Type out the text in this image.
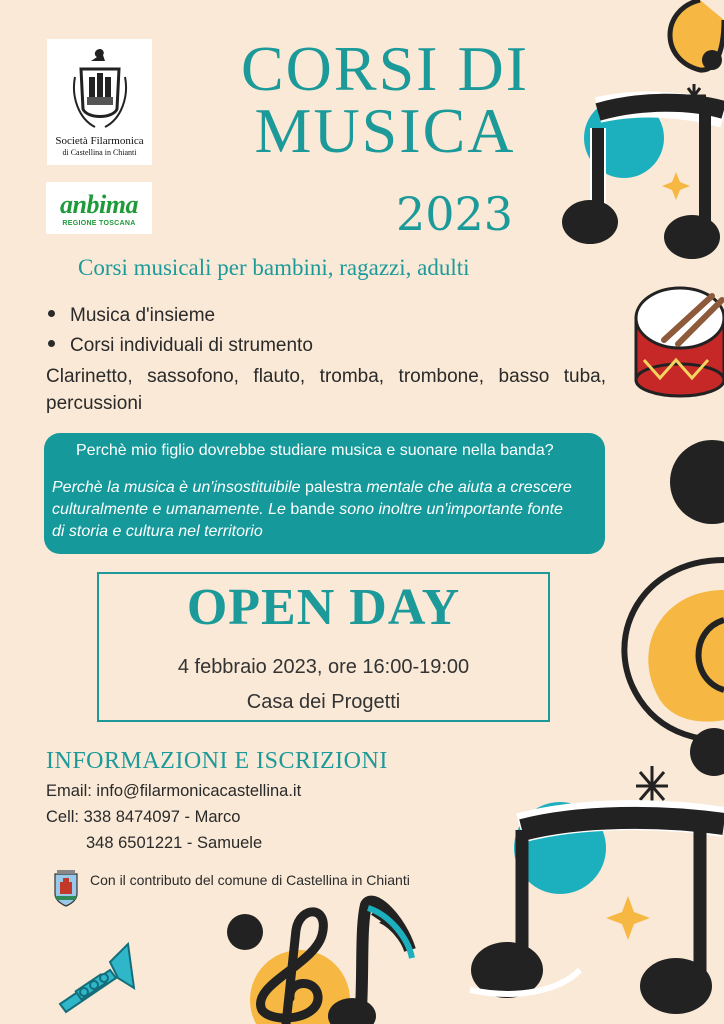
Società Filarmonica
di Castellina in Chianti
anbima
REGIONE TOSCANA
CORSI DI
MUSICA
2023
Corsi musicali per bambini, ragazzi, adulti
Musica d'insieme
Corsi individuali di strumento
Clarinetto, sassofono, flauto, tromba, trombone, basso tuba, percussioni
Perchè mio figlio dovrebbe studiare musica e suonare nella banda?
Perchè la musica è un'insostituibile palestra mentale che aiuta a crescere culturalmente e umanamente. Le bande sono inoltre un'importante fonte di storia e cultura nel territorio
OPEN DAY
4 febbraio 2023, ore 16:00-19:00
Casa dei Progetti
INFORMAZIONI E ISCRIZIONI
Email: info@filarmonicacastellina.it
Cell: 338 8474097 - Marco
348 6501221 - Samuele
Con il contributo del comune di Castellina in Chianti
